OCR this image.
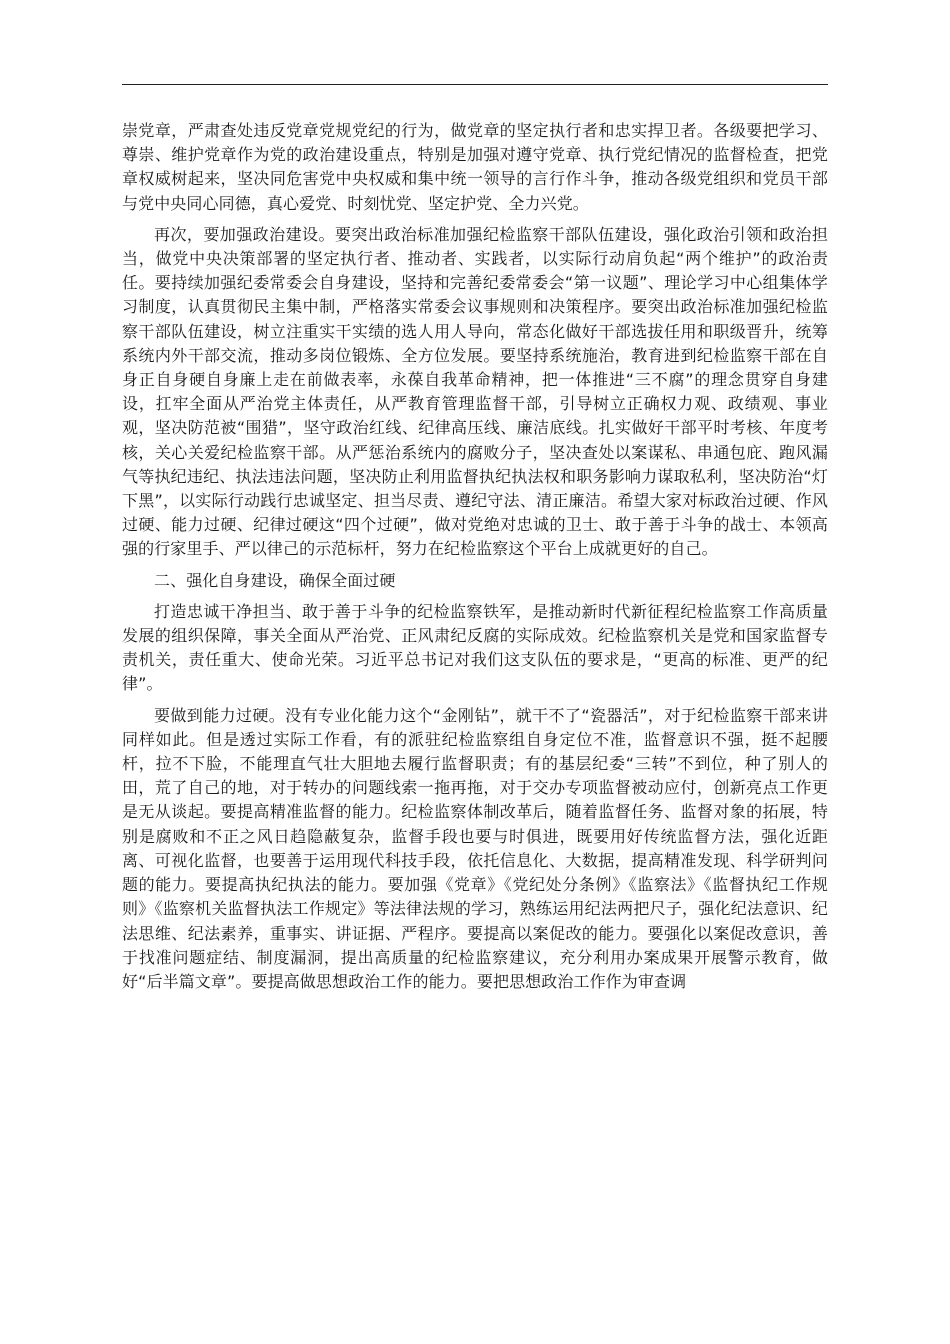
崇党章，严肃查处违反党章党规党纪的行为，做党章的坚定执行者和忠实捍卫者。各级要把学习、尊崇、维护党章作为党的政治建设重点，特别是加强对遵守党章、执行党纪情况的监督检查，把党章权威树起来，坚决同危害党中央权威和集中统一领导的言行作斗争，推动各级党组织和党员干部与党中央同心同德，真心爱党、时刻忧党、坚定护党、全力兴党。

再次，要加强政治建设。要突出政治标准加强纪检监察干部队伍建设，强化政治引领和政治担当，做党中央决策部署的坚定执行者、推动者、实践者，以实际行动肩负起“两个维护”的政治责任。要持续加强纪委常委会自身建设，坚持和完善纪委常委会“第一议题”、理论学习中心组集体学习制度，认真贯彻民主集中制，严格落实常委会议事规则和决策程序。要突出政治标准加强纪检监察干部队伍建设，树立注重实干实绩的选人用人导向，常态化做好干部选拔任用和职级晋升，统筹系统内外干部交流，推动多岗位锻炼、全方位发展。要坚持系统施治，教育进到纪检监察干部在自身正自身硬自身廉上走在前做表率，永葆自我革命精神，把一体推进“三不腐”的理念贯穿自身建设，扛牢全面从严治党主体责任，从严教育管理监督干部，引导树立正确权力观、政绩观、事业观，坚决防范被“围猎”，坚守政治红线、纪律高压线、廉洁底线。扎实做好干部平时考核、年度考核，关心关爱纪检监察干部。从严惩治系统内的腐败分子，坚决查处以案谋私、串通包庇、跑风漏气等执纪违纪、执法违法问题，坚决防止利用监督执纪执法权和职务影响力谋取私利，坚决防治“灯下黑”，以实际行动践行忠诚坚定、担当尽责、遵纪守法、清正廉洁。希望大家对标政治过硬、作风过硬、能力过硬、纪律过硬这“四个过硬”，做对党绝对忠诚的卫士、敢于善于斗争的战士、本领高强的行家里手、严以律己的示范标杆，努力在纪检监察这个平台上成就更好的自己。

二、强化自身建设，确保全面过硬

打造忠诚干净担当、敢于善于斗争的纪检监察铁军，是推动新时代新征程纪检监察工作高质量发展的组织保障，事关全面从严治党、正风肃纪反腐的实际成效。纪检监察机关是党和国家监督专责机关，责任重大、使命光荣。习近平总书记对我们这支队伍的要求是，“更高的标准、更严的纪律”。

要做到能力过硬。没有专业化能力这个“金刚钻”，就干不了“瓷器活”，对于纪检监察干部来讲同样如此。但是透过实际工作看，有的派驻纪检监察组自身定位不准，监督意识不强，挺不起腰杆，拉不下脸，不能理直气壮大胆地去履行监督职责；有的基层纪委“三转”不到位，种了别人的田，荒了自己的地，对于转办的问题线索一拖再拖，对于交办专项监督被动应付，创新亮点工作更是无从谈起。要提高精准监督的能力。纪检监察体制改革后，随着监督任务、监督对象的拓展，特别是腐败和不正之风日趋隐蔽复杂，监督手段也要与时俱进，既要用好传统监督方法，强化近距离、可视化监督，也要善于运用现代科技手段，依托信息化、大数据，提高精准发现、科学研判问题的能力。要提高执纪执法的能力。要加强《党章》《党纪处分条例》《监察法》《监督执纪工作规则》《监察机关监督执法工作规定》等法律法规的学习，熟练运用纪法两把尺子，强化纪法意识、纪法思维、纪法素养，重事实、讲证据、严程序。要提高以案促改的能力。要强化以案促改意识，善于找准问题症结、制度漏洞，提出高质量的纪检监察建议，充分利用办案成果开展警示教育，做好“后半篇文章”。要提高做思想政治工作的能力。要把思想政治工作作为审查调
